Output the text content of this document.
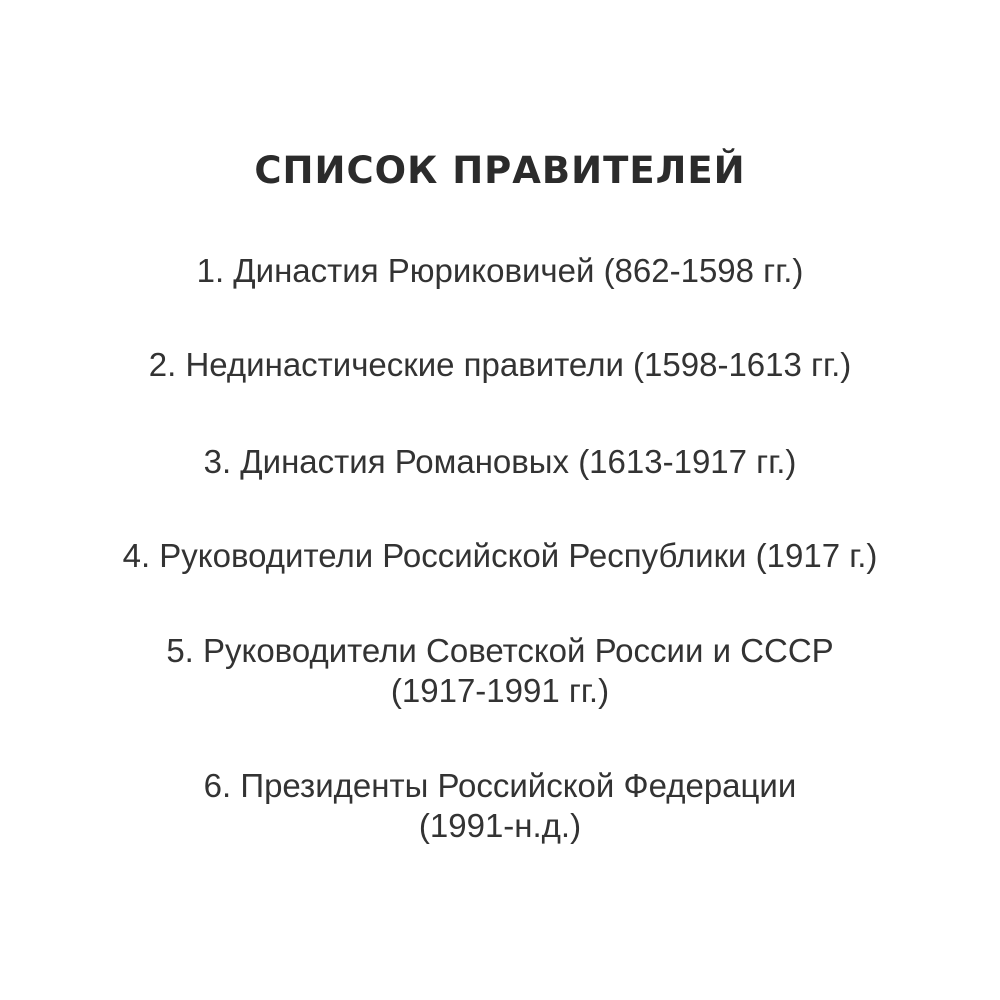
СПИСОК ПРАВИТЕЛЕЙ
1. Династия Рюриковичей (862-1598 гг.)
2. Нединастические правители (1598-1613 гг.)
3. Династия Романовых (1613-1917 гг.)
4. Руководители Российской Республики (1917 г.)
5. Руководители Советской России и СССР
(1917-1991 гг.)
6. Президенты Российской Федерации
(1991-н.д.)
